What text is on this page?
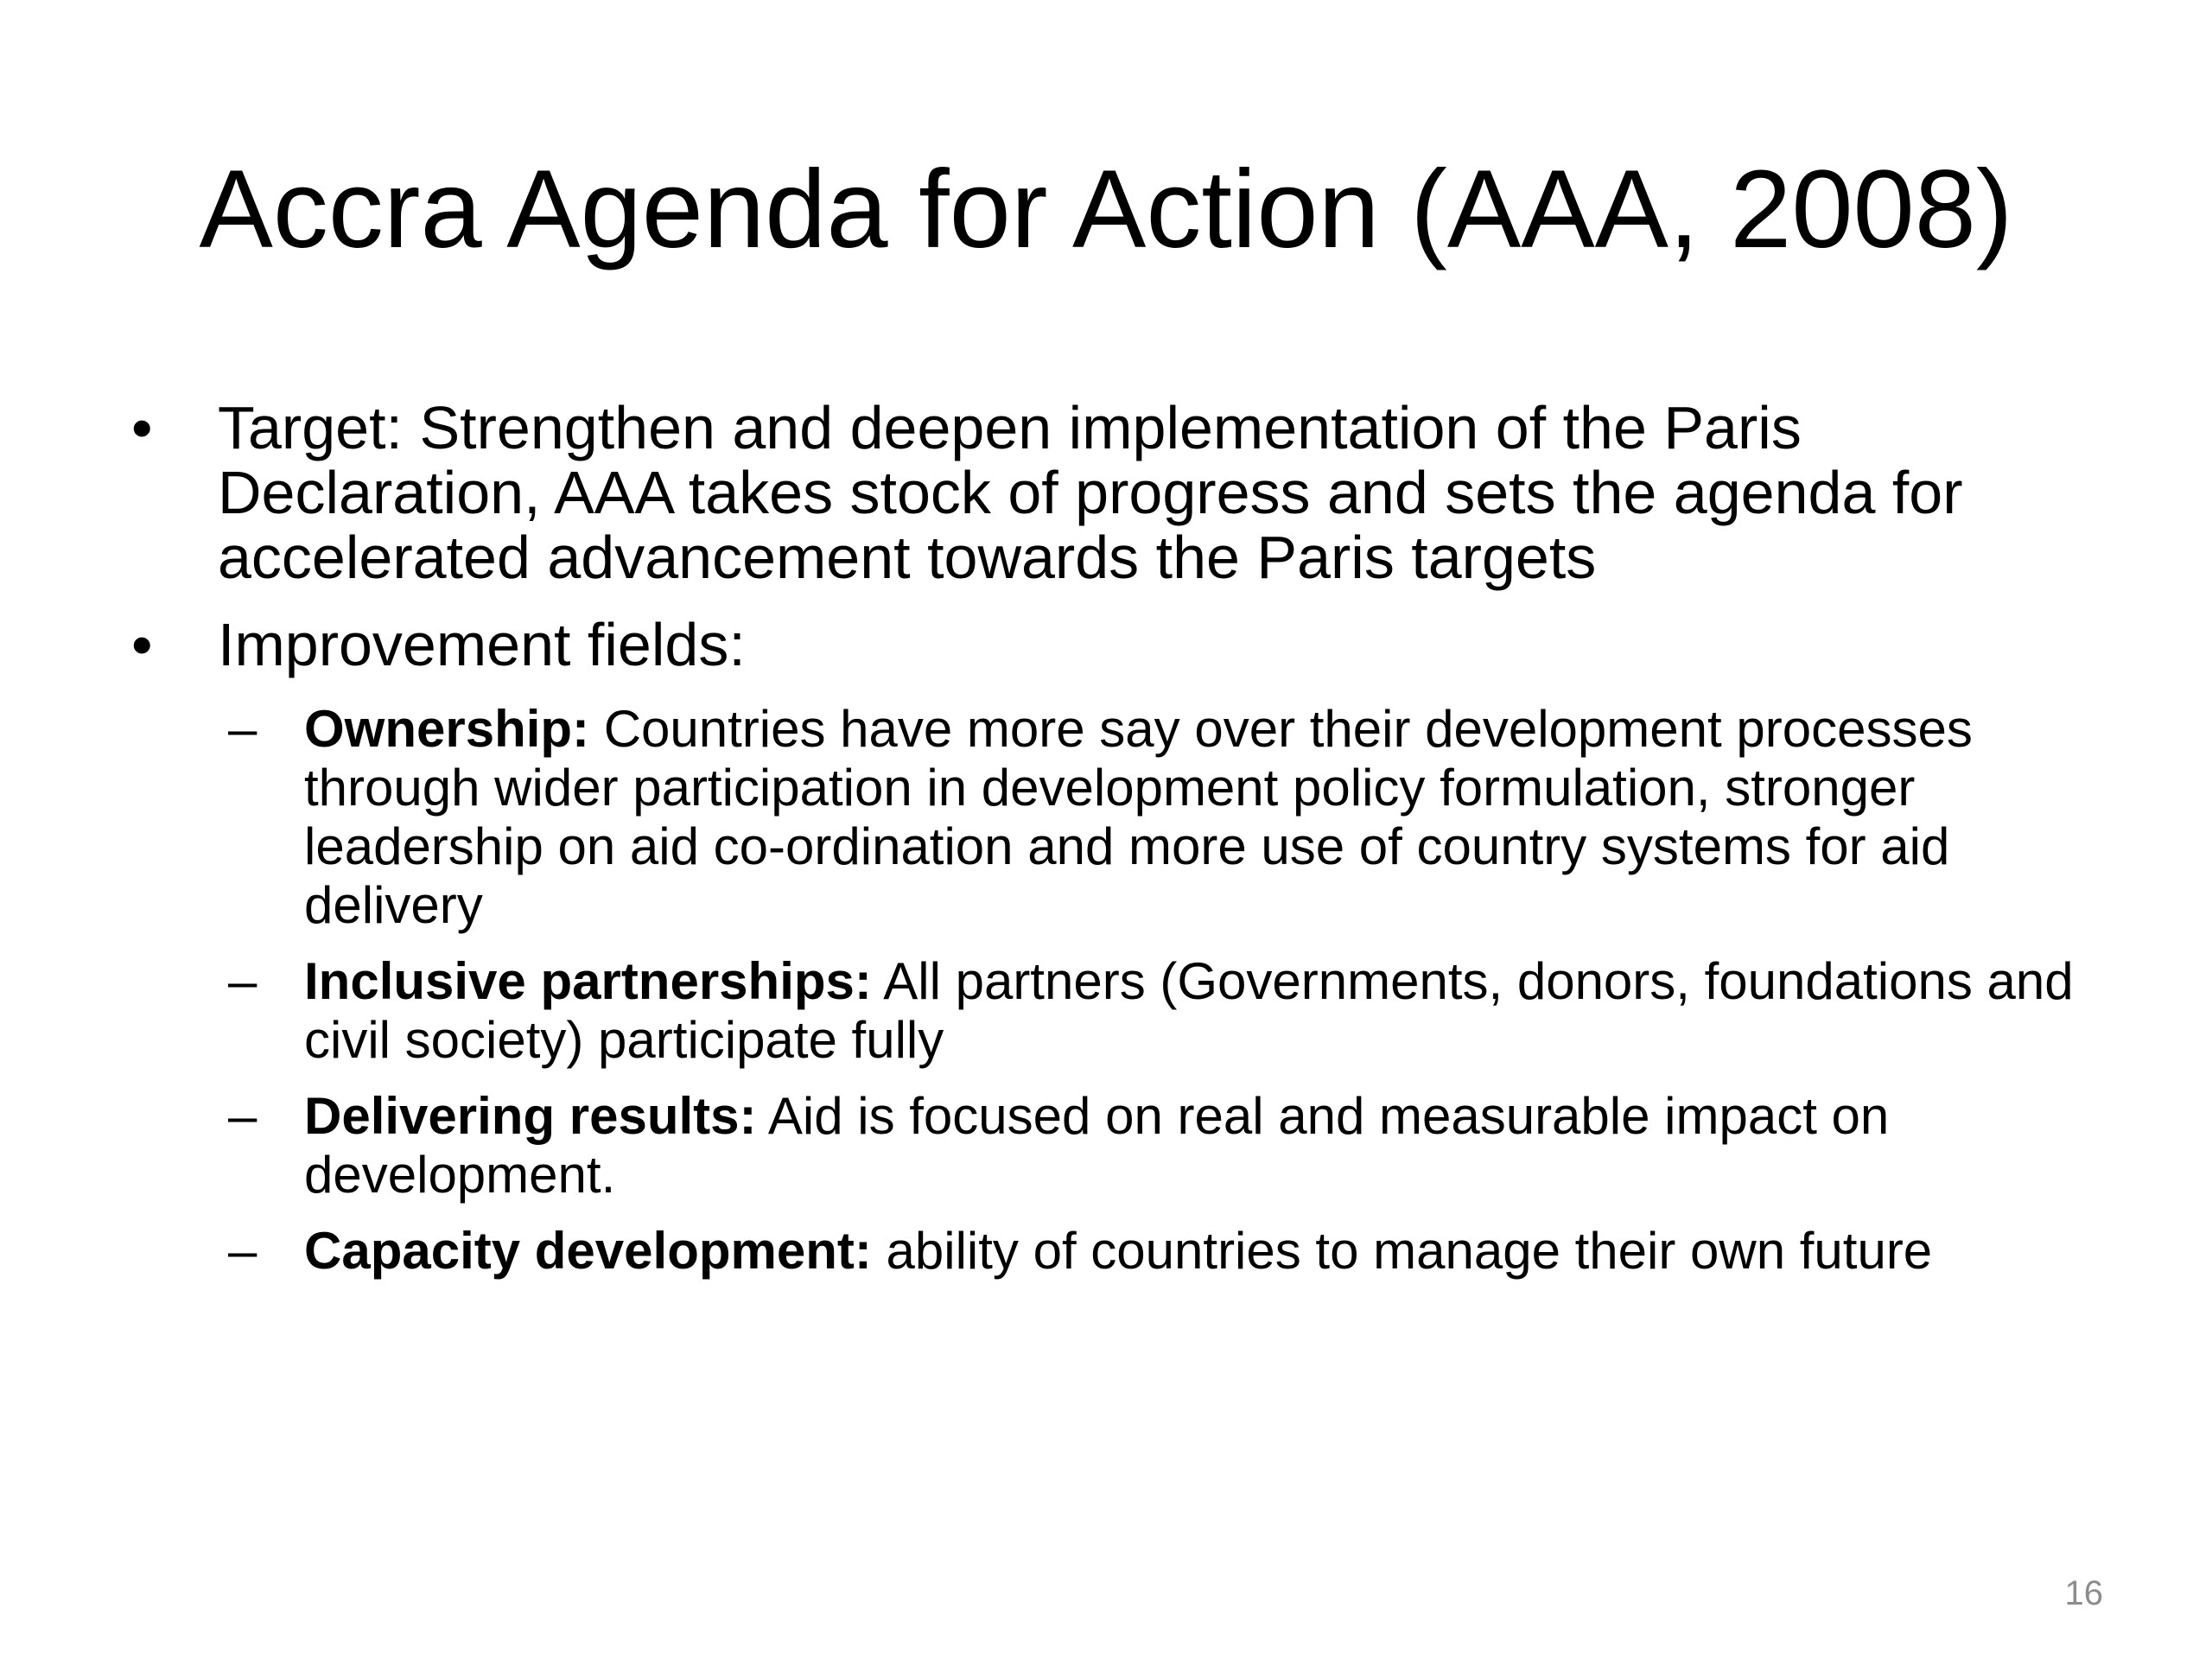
Accra Agenda for Action (AAA, 2008)
•	Target: Strengthen and deepen implementation of the Paris Declaration, AAA takes stock of progress and sets the agenda for accelerated advancement towards the Paris targets
•	Improvement fields:
– Ownership: Countries have more say over their development processes through wider participation in development policy formulation, stronger leadership on aid co-ordination and more use of country systems for aid delivery
– Inclusive partnerships: All partners (Governments, donors, foundations and civil society) participate fully
– Delivering results: Aid is focused on real and measurable impact on development.
– Capacity development: ability of countries to manage their own future
16
